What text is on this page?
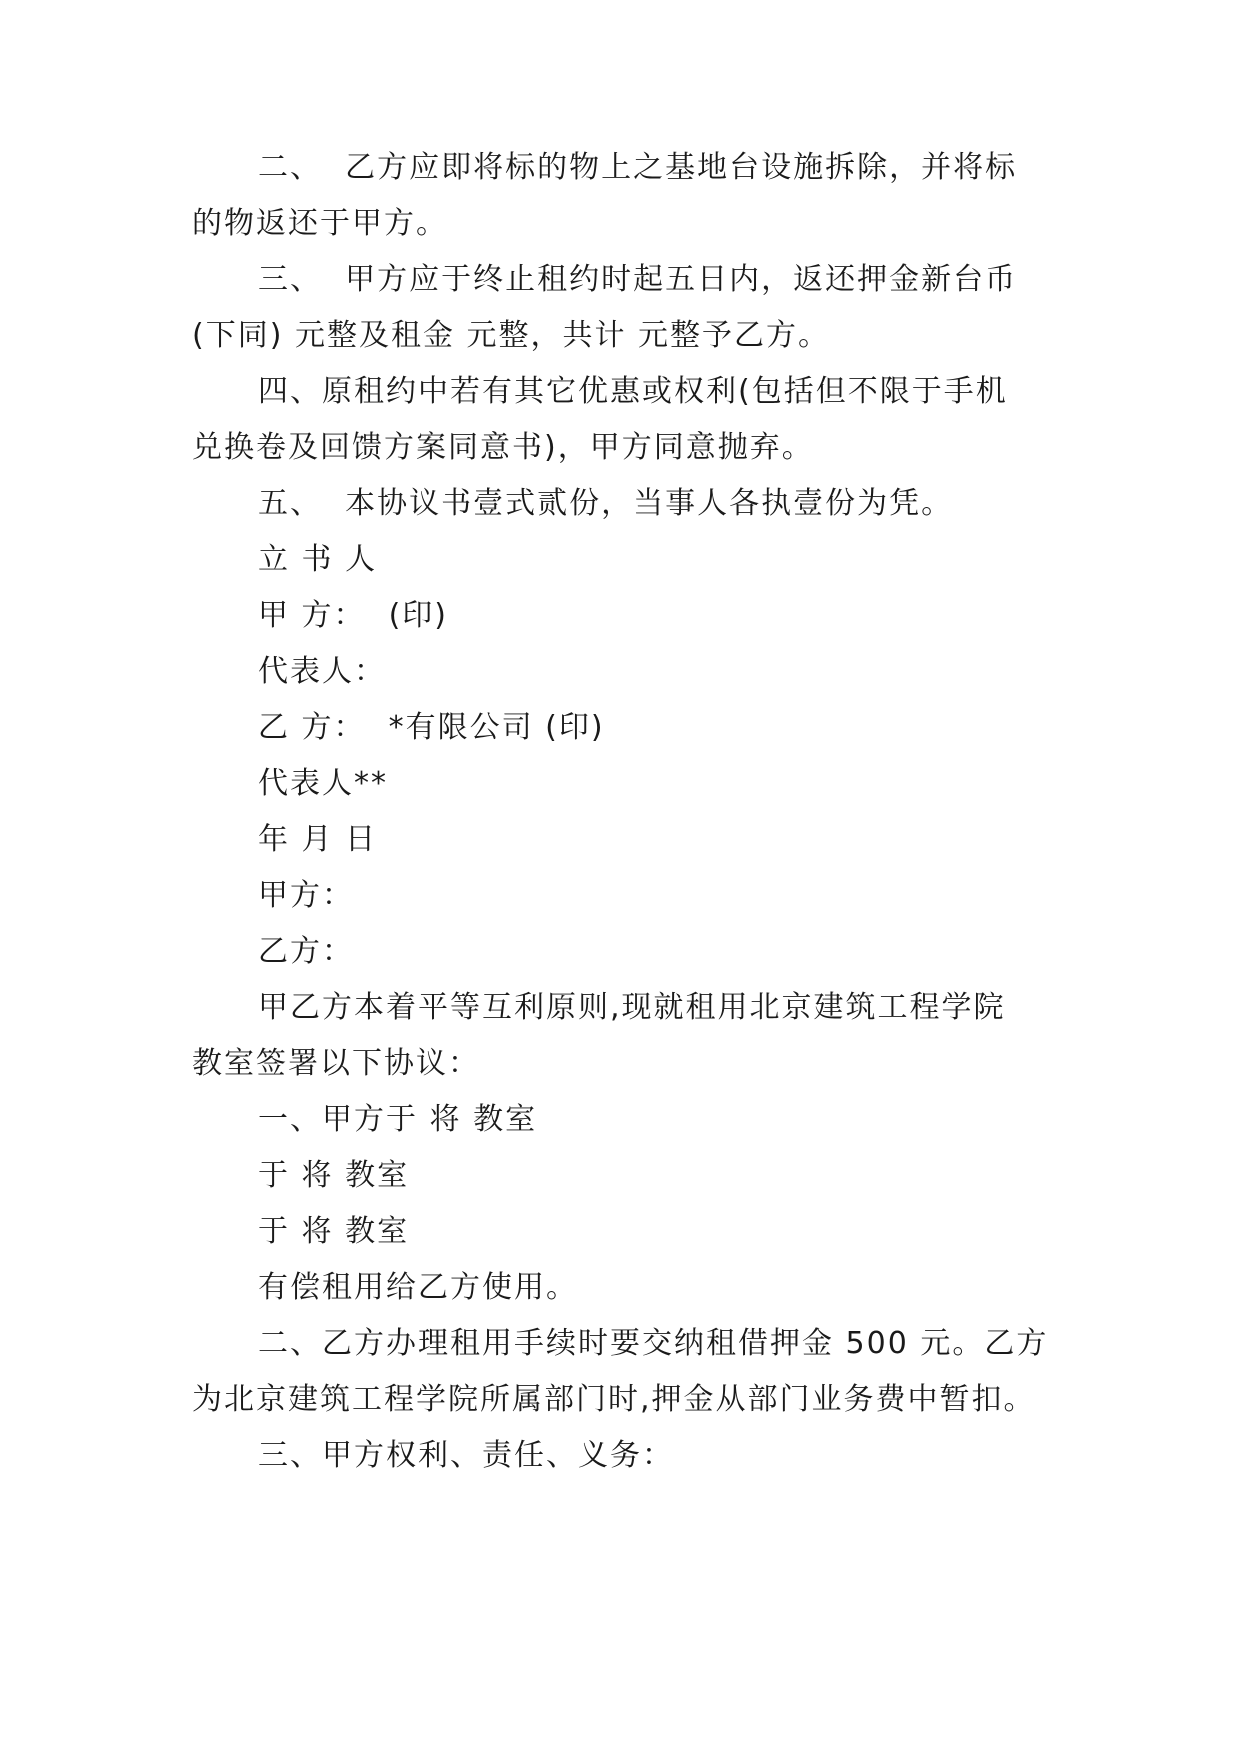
二、  乙方应即将标的物上之基地台设施拆除，并将标
的物返还于甲方。
三、  甲方应于终止租约时起五日内，返还押金新台币
(下同) 元整及租金 元整，共计 元整予乙方。
四、原租约中若有其它优惠或权利(包括但不限于手机
兑换卷及回馈方案同意书)，甲方同意抛弃。
五、  本协议书壹式贰份，当事人各执壹份为凭。
立 书 人
甲 方：  (印)
代表人：
乙 方：  *有限公司 (印)
代表人**
年 月 日
甲方：
乙方：
甲乙方本着平等互利原则,现就租用北京建筑工程学院
教室签署以下协议：
一、甲方于 将 教室
于 将 教室
于 将 教室
有偿租用给乙方使用。
二、乙方办理租用手续时要交纳租借押金 500 元。乙方
为北京建筑工程学院所属部门时,押金从部门业务费中暂扣。
三、甲方权利、责任、义务：
